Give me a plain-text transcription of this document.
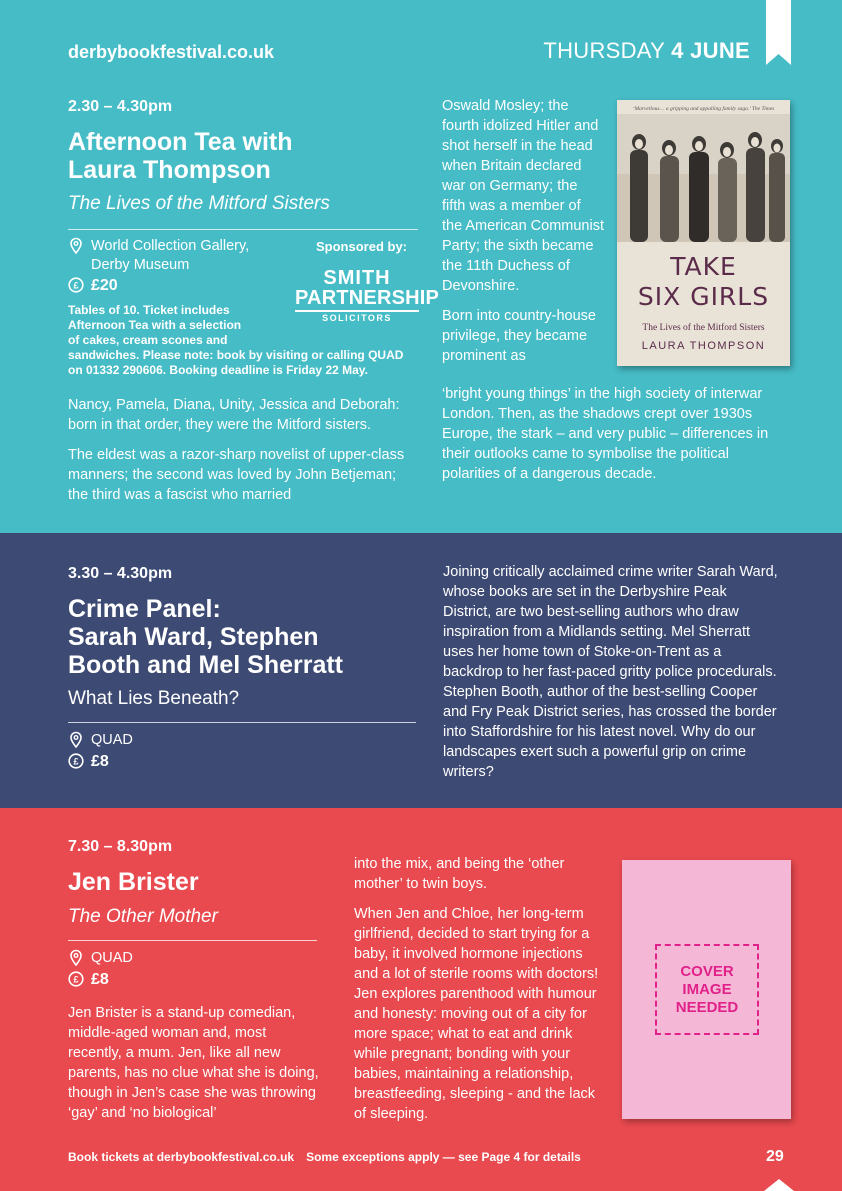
derbybookfestival.co.uk	THURSDAY 4 JUNE
2.30 – 4.30pm
Afternoon Tea with
Laura Thompson
The Lives of the Mitford Sisters
World Collection Gallery,
Derby Museum
£ £20
Tables of 10. Ticket includes
Afternoon Tea with a selection
of cakes, cream scones and
sandwiches. Please note: book by visiting or calling QUAD
on 01332 290606. Booking deadline is Friday 22 May.
Sponsored by:
SMITH
PARTNERSHIP
SOLICITORS

Nancy, Pamela, Diana, Unity, Jessica and Deborah: born in that order, they were the Mitford sisters.

The eldest was a razor-sharp novelist of upper-class manners; the second was loved by John Betjeman; the third was a fascist who married

Oswald Mosley; the fourth idolized Hitler and shot herself in the head when Britain declared war on Germany; the fifth was a member of the American Communist Party; the sixth became the 11th Duchess of Devonshire.

Born into country-house privilege, they became prominent as

‘bright young things’ in the high society of interwar London. Then, as the shadows crept over 1930s Europe, the stark – and very public – differences in their outlooks came to symbolise the political polarities of a dangerous decade.

‘Marvellous… a gripping and appalling family saga.’ The Times
TAKE
SIX GIRLS
The Lives of the Mitford Sisters
LAURA THOMPSON
3.30 – 4.30pm
Crime Panel:
Sarah Ward, Stephen
Booth and Mel Sherratt
What Lies Beneath?
QUAD
£ £8
Joining critically acclaimed crime writer Sarah Ward, whose books are set in the Derbyshire Peak District, are two best-selling authors who draw inspiration from a Midlands setting. Mel Sherratt uses her home town of Stoke-on-Trent as a backdrop to her fast-paced gritty police procedurals. Stephen Booth, author of the best-selling Cooper and Fry Peak District series, has crossed the border into Staffordshire for his latest novel. Why do our landscapes exert such a powerful grip on crime writers?
7.30 – 8.30pm
Jen Brister
The Other Mother
QUAD
£ £8
Jen Brister is a stand-up comedian, middle-aged woman and, most recently, a mum. Jen, like all new parents, has no clue what she is doing, though in Jen’s case she was throwing ‘gay’ and ‘no biological’

into the mix, and being the ‘other mother’ to twin boys.

When Jen and Chloe, her long-term girlfriend, decided to start trying for a baby, it involved hormone injections and a lot of sterile rooms with doctors! Jen explores parenthood with humour and honesty: moving out of a city for more space; what to eat and drink while pregnant; bonding with your babies, maintaining a relationship, breastfeeding, sleeping - and the lack of sleeping.

COVER
IMAGE
NEEDED
Book tickets at derbybookfestival.co.uk Some exceptions apply — see Page 4 for details	29
